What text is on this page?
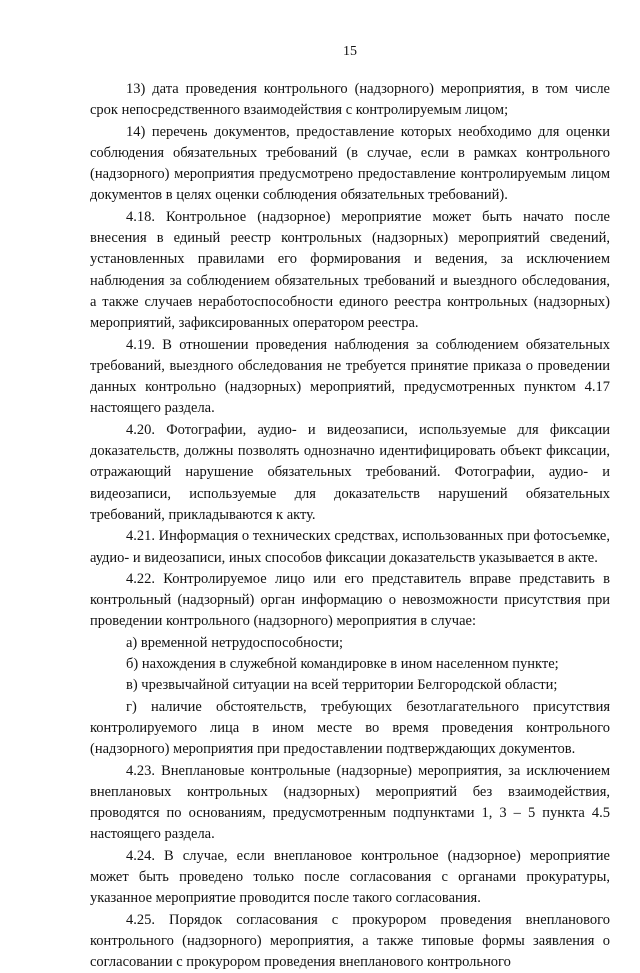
15

13) дата проведения контрольного (надзорного) мероприятия, в том числе срок непосредственного взаимодействия с контролируемым лицом;

14) перечень документов, предоставление которых необходимо для оценки соблюдения обязательных требований (в случае, если в рамках контрольного (надзорного) мероприятия предусмотрено предоставление контролируемым лицом документов в целях оценки соблюдения обязательных требований).

4.18. Контрольное (надзорное) мероприятие может быть начато после внесения в единый реестр контрольных (надзорных) мероприятий сведений, установленных правилами его формирования и ведения, за исключением наблюдения за соблюдением обязательных требований и выездного обследования, а также случаев неработоспособности единого реестра контрольных (надзорных) мероприятий, зафиксированных оператором реестра.

4.19. В отношении проведения наблюдения за соблюдением обязательных требований, выездного обследования не требуется принятие приказа о проведении данных контрольно (надзорных) мероприятий, предусмотренных пунктом 4.17 настоящего раздела.

4.20. Фотографии, аудио- и видеозаписи, используемые для фиксации доказательств, должны позволять однозначно идентифицировать объект фиксации, отражающий нарушение обязательных требований. Фотографии, аудио- и видеозаписи, используемые для доказательств нарушений обязательных требований, прикладываются к акту.

4.21. Информация о технических средствах, использованных при фотосъемке, аудио- и видеозаписи, иных способов фиксации доказательств указывается в акте.

4.22. Контролируемое лицо или его представитель вправе представить в контрольный (надзорный) орган информацию о невозможности присутствия при проведении контрольного (надзорного) мероприятия в случае:

а) временной нетрудоспособности;

б) нахождения в служебной командировке в ином населенном пункте;

в) чрезвычайной ситуации на всей территории Белгородской области;

г) наличие обстоятельств, требующих безотлагательного присутствия контролируемого лица в ином месте во время проведения контрольного (надзорного) мероприятия при предоставлении подтверждающих документов.

4.23. Внеплановые контрольные (надзорные) мероприятия, за исключением внеплановых контрольных (надзорных) мероприятий без взаимодействия, проводятся по основаниям, предусмотренным подпунктами 1, 3 – 5 пункта 4.5 настоящего раздела.

4.24. В случае, если внеплановое контрольное (надзорное) мероприятие может быть проведено только после согласования с органами прокуратуры, указанное мероприятие проводится после такого согласования.

4.25. Порядок согласования с прокурором проведения внепланового контрольного (надзорного) мероприятия, а также типовые формы заявления о согласовании с прокурором проведения внепланового контрольного
